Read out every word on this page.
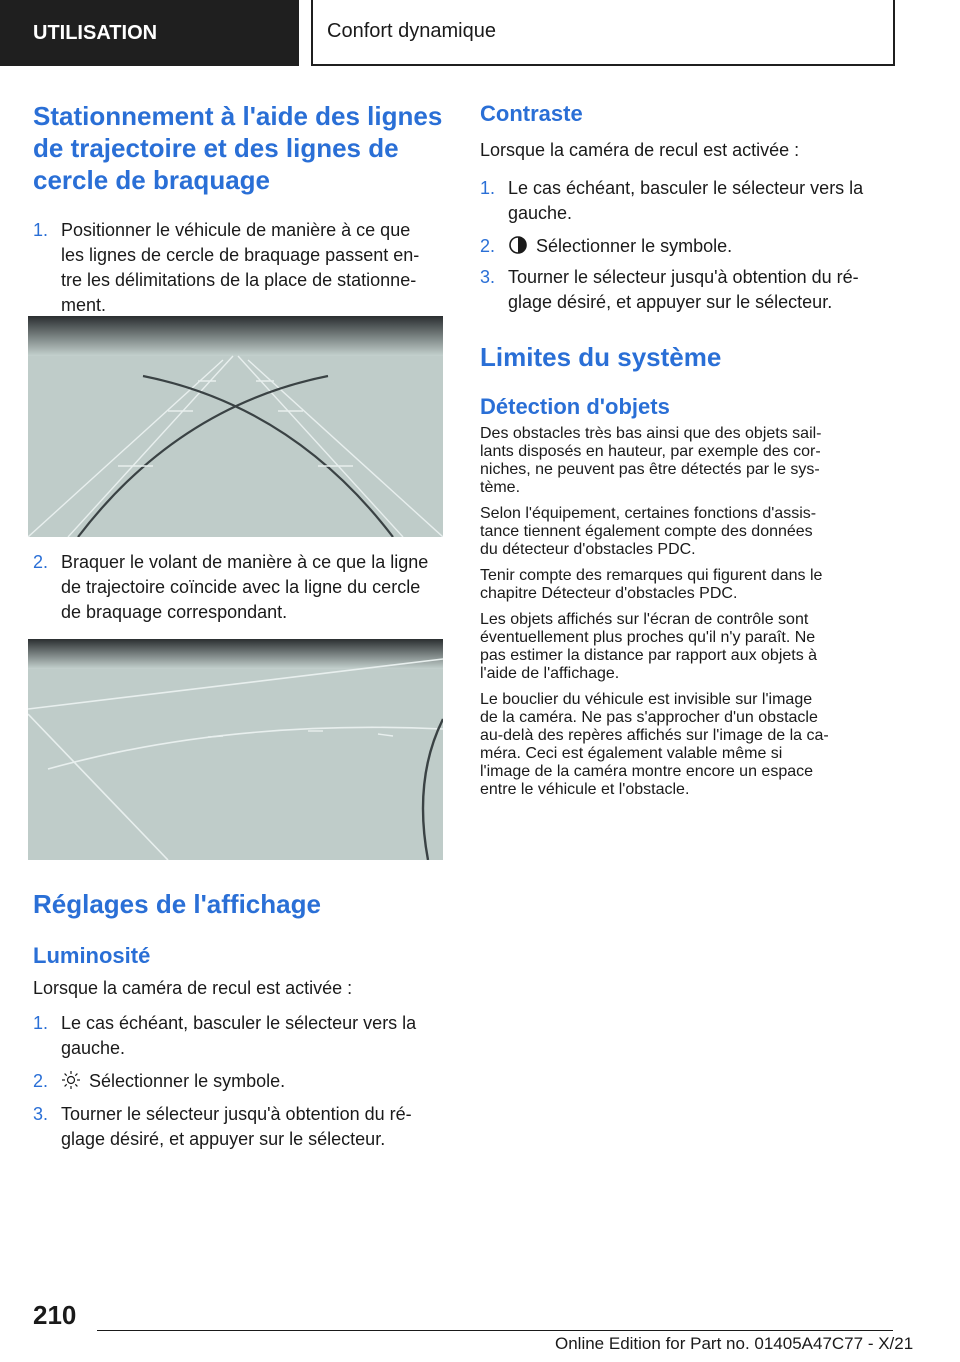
UTILISATION	Confort dynamique
Stationnement à l'aide des lignes
de trajectoire et des lignes de
cercle de braquage
1. Positionner le véhicule de manière à ce que
les lignes de cercle de braquage passent en‐
tre les délimitations de la place de stationne‐
ment.
2. Braquer le volant de manière à ce que la ligne
de trajectoire coïncide avec la ligne du cercle
de braquage correspondant.
Réglages de l'affichage
Luminosité

Lorsque la caméra de recul est activée :

1. Le cas échéant, basculer le sélecteur vers la
gauche.
2.	Sélectionner le symbole.
3. Tourner le sélecteur jusqu'à obtention du ré‐
glage désiré, et appuyer sur le sélecteur.
Contraste

Lorsque la caméra de recul est activée :

1. Le cas échéant, basculer le sélecteur vers la
gauche.
2.	Sélectionner le symbole.
3. Tourner le sélecteur jusqu'à obtention du ré‐
glage désiré, et appuyer sur le sélecteur.
Limites du système
Détection d'objets
Des obstacles très bas ainsi que des objets sail‐
lants disposés en hauteur, par exemple des cor‐
niches, ne peuvent pas être détectés par le sys‐
tème.
Selon l'équipement, certaines fonctions d'assis‐
tance tiennent également compte des données
du détecteur d'obstacles PDC.
Tenir compte des remarques qui figurent dans le
chapitre Détecteur d'obstacles PDC.
Les objets affichés sur l'écran de contrôle sont
éventuellement plus proches qu'il n'y paraît. Ne
pas estimer la distance par rapport aux objets à
l'aide de l'affichage.
Le bouclier du véhicule est invisible sur l'image
de la caméra. Ne pas s'approcher d'un obstacle
au-delà des repères affichés sur l'image de la ca‐
méra. Ceci est également valable même si
l'image de la caméra montre encore un espace
entre le véhicule et l'obstacle.
210
Online Edition for Part no. 01405A47C77 - X/21
